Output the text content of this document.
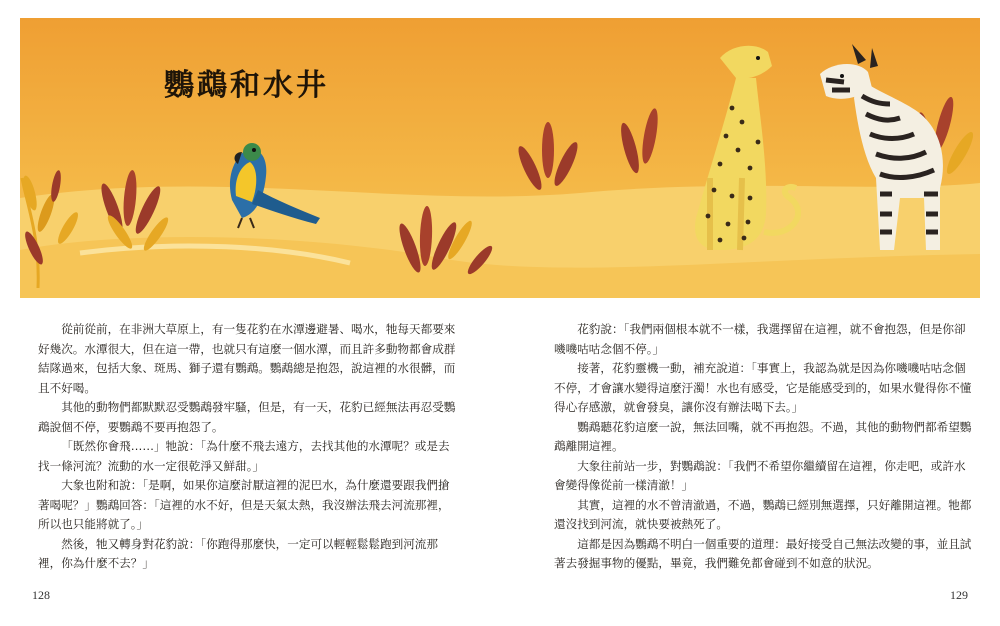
鸚鵡和水井

從前從前，在非洲大草原上，有一隻花豹在水潭邊避暑、喝水，牠每天都要來好幾次。水潭很大，但在這一帶，也就只有這麼一個水潭，而且許多動物都會成群結隊過來，包括大象、斑馬、獅子還有鸚鵡。鸚鵡總是抱怨，說這裡的水很髒，而且不好喝。

其他的動物們都默默忍受鸚鵡發牢騷，但是，有一天，花豹已經無法再忍受鸚鵡說個不停，要鸚鵡不要再抱怨了。

「既然你會飛……」牠說：「為什麼不飛去遠方，去找其他的水潭呢？或是去找一條河流？流動的水一定很乾淨又鮮甜。」

大象也附和說：「是啊，如果你這麼討厭這裡的泥巴水，為什麼還要跟我們搶著喝呢？」鸚鵡回答：「這裡的水不好，但是天氣太熱，我沒辦法飛去河流那裡，所以也只能將就了。」

然後，牠又轉身對花豹說：「你跑得那麼快，一定可以輕輕鬆鬆跑到河流那裡，你為什麼不去？」

花豹說：「我們兩個根本就不一樣，我選擇留在這裡，就不會抱怨，但是你卻嘰嘰咕咕念個不停。」

接著，花豹靈機一動，補充說道：「事實上，我認為就是因為你嘰嘰咕咕念個不停，才會讓水變得這麼汙濁！水也有感受，它是能感受到的，如果水覺得你不懂得心存感激，就會發臭，讓你沒有辦法喝下去。」

鸚鵡聽花豹這麼一說，無法回嘴，就不再抱怨。不過，其他的動物們都希望鸚鵡離開這裡。

大象往前站一步，對鸚鵡說：「我們不希望你繼續留在這裡，你走吧，或許水會變得像從前一樣清澈！」

其實，這裡的水不曾清澈過，不過，鸚鵡已經別無選擇，只好離開這裡。牠都還沒找到河流，就快要被熱死了。

這都是因為鸚鵡不明白一個重要的道理：最好接受自己無法改變的事，並且試著去發掘事物的優點，畢竟，我們難免都會碰到不如意的狀況。

128	129
